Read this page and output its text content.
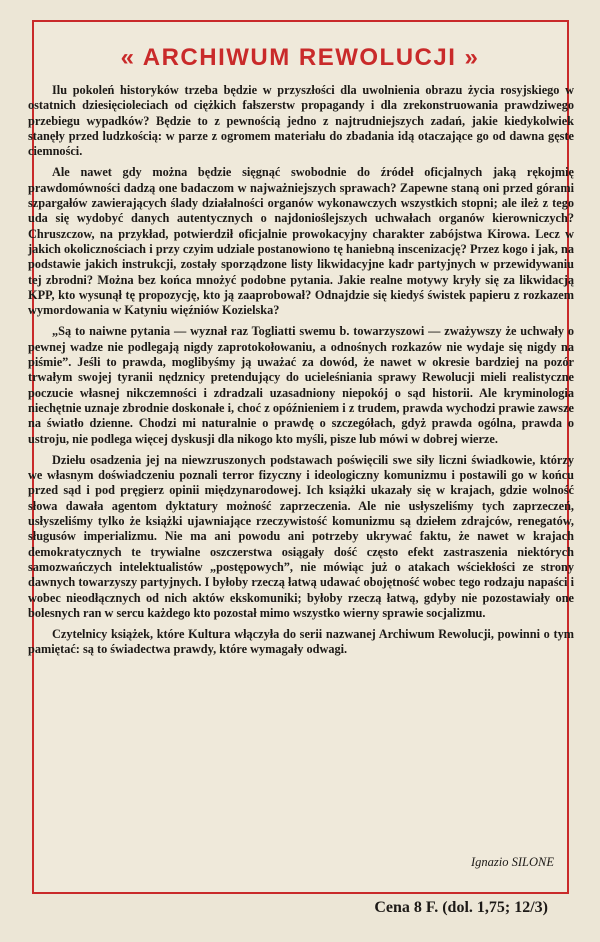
« ARCHIWUM REWOLUCJI »

Ilu pokoleń historyków trzeba będzie w przyszłości dla uwolnienia obrazu życia rosyjskiego w ostatnich dziesięcioleciach od ciężkich fałszerstw propagandy i dla zrekonstruowania prawdziwego przebiegu wypadków? Będzie to z pewnością jedno z najtrudniejszych zadań, jakie kiedykolwiek stanęły przed ludzkością: w parze z ogromem materiału do zbadania idą otaczające go od dawna gęste ciemności.

Ale nawet gdy można będzie sięgnąć swobodnie do źródeł oficjalnych jaką rękojmię prawdomówności dadzą one badaczom w najważniejszych sprawach? Zapewne staną oni przed górami szpargałów zawierających ślady działalności organów wykonawczych wszystkich stopni; ale ileż z tego uda się wydobyć danych autentycznych o najdonioślejszych uchwałach organów kierowniczych? Chruszczow, na przykład, potwierdził oficjalnie prowokacyjny charakter zabójstwa Kirowa. Lecz w jakich okolicznościach i przy czyim udziale postanowiono tę haniebną inscenizację? Przez kogo i jak, na podstawie jakich instrukcji, zostały sporządzone listy likwidacyjne kadr partyjnych w przewidywaniu tej zbrodni? Można bez końca mnożyć podobne pytania. Jakie realne motywy kryły się za likwidacją KPP, kto wysunął tę propozycję, kto ją zaaprobował? Odnajdzie się kiedyś świstek papieru z rozkazem wymordowania w Katyniu więźniów Kozielska?

„Są to naiwne pytania — wyznał raz Togliatti swemu b. towarzyszowi — zważywszy że uchwały o pewnej wadze nie podlegają nigdy zaprotokołowaniu, a odnośnych rozkazów nie wydaje się nigdy na piśmie”. Jeśli to prawda, moglibyśmy ją uważać za dowód, że nawet w okresie bardziej na pozór trwałym swojej tyranii nędznicy pretendujący do ucieleśniania sprawy Rewolucji mieli realistyczne poczucie własnej nikczemności i zdradzali uzasadniony niepokój o sąd historii. Ale kryminologia niechętnie uznaje zbrodnie doskonałe i, choć z opóźnieniem i z trudem, prawda wychodzi prawie zawsze na światło dzienne. Chodzi mi naturalnie o prawdę o szczegółach, gdyż prawda ogólna, prawda o ustroju, nie podlega więcej dyskusji dla nikogo kto myśli, pisze lub mówi w dobrej wierze.

Dziełu osadzenia jej na niewzruszonych podstawach poświęcili swe siły liczni świadkowie, którzy we własnym doświadczeniu poznali terror fizyczny i ideologiczny komunizmu i postawili go w końcu przed sąd i pod pręgierz opinii międzynarodowej. Ich książki ukazały się w krajach, gdzie wolność słowa dawała agentom dyktatury możność zaprzeczenia. Ale nie usłyszeliśmy tych zaprzeczeń, usłyszeliśmy tylko że książki ujawniające rzeczywistość komunizmu są dziełem zdrajców, renegatów, sługusów imperializmu. Nie ma ani powodu ani potrzeby ukrywać faktu, że nawet w krajach demokratycznych te trywialne oszczerstwa osiągały dość często efekt zastraszenia niektórych samozwańczych intelektualistów „postępowych”, nie mówiąc już o atakach wściekłości ze strony dawnych towarzyszy partyjnych. I byłoby rzeczą łatwą udawać obojętność wobec tego rodzaju napaści i wobec nieodłącznych od nich aktów ekskomuniki; byłoby rzeczą łatwą, gdyby nie pozostawiały one bolesnych ran w sercu każdego kto pozostał mimo wszystko wierny sprawie socjalizmu.

Czytelnicy książek, które Kultura włączyła do serii nazwanej Archiwum Rewolucji, powinni o tym pamiętać: są to świadectwa prawdy, które wymagały odwagi.

Ignazio SILONE
Cena 8 F. (dol. 1,75; 12/3)
